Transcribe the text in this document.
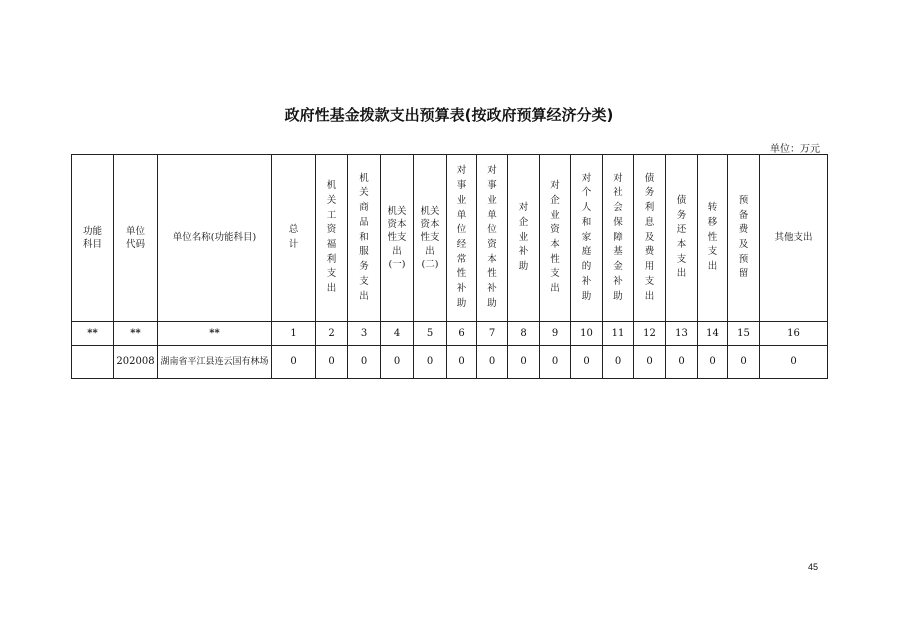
政府性基金拨款支出预算表(按政府预算经济分类)
单位：万元
功能科目	单位代码	单位名称(功能科目)	总计	机关工资福利支出	机关商品和服务支出	机关资本性支出(一)	机关资本性支出(二)	对事业单位经常性补助	对事业单位资本性补助	对企业补助	对企业资本性支出	对个人和家庭的补助	对社会保障基金补助	债务利息及费用支出	债务还本支出	转移性支出	预备费及预留	其他支出
**	**	**	1	2	3	4	5	6	7	8	9	10	11	12	13	14	15	16
	202008	湖南省平江县连云国有林场	0	0	0	0	0	0	0	0	0	0	0	0	0	0	0	0
45
